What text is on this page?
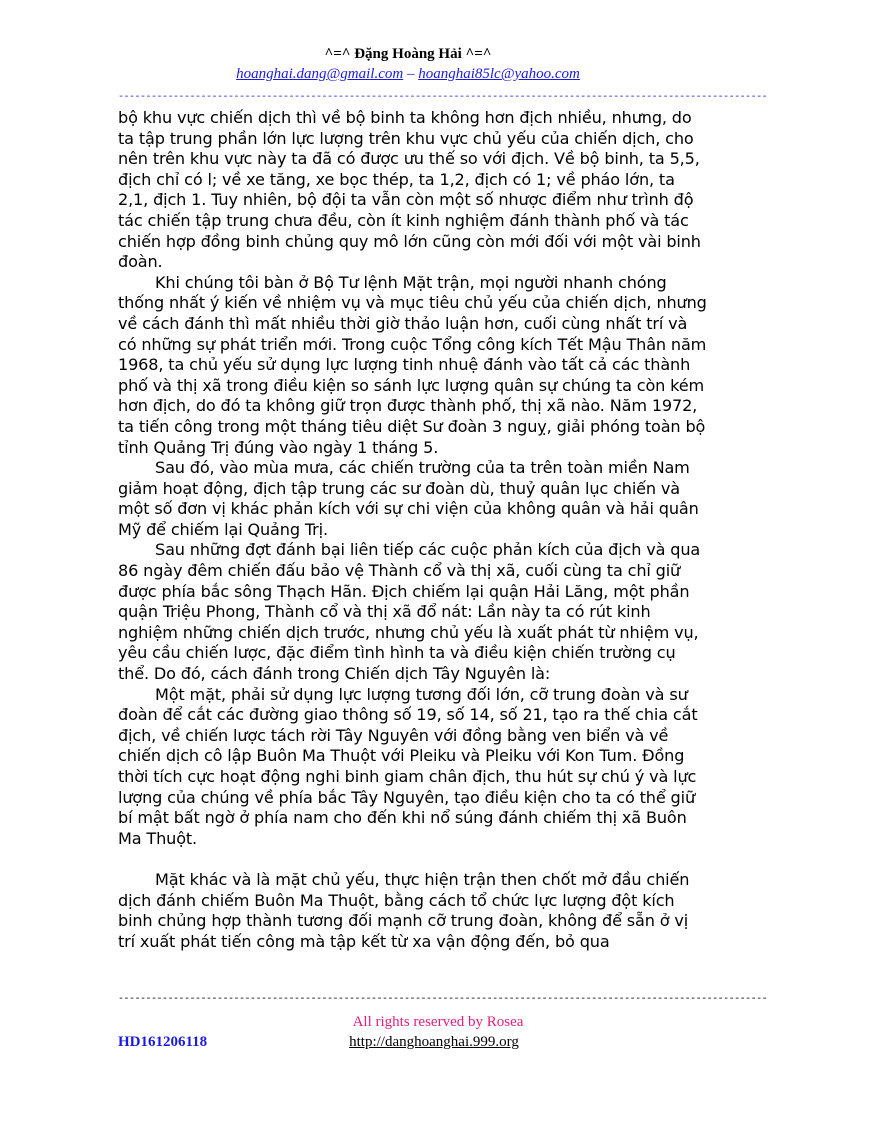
^=^ Đặng Hoàng Hải ^=^
hoanghai.dang@gmail.com – hoanghai85lc@yahoo.com
----------------------------------------------------------------------------------------------------------------------

bộ khu vực chiến dịch thì về bộ binh ta không hơn địch nhiều, nhưng, do ta tập trung phần lớn lực lượng trên khu vực chủ yếu của chiến dịch, cho nên trên khu vực này ta đã có được ưu thế so với địch. Về bộ binh, ta 5,5, địch chỉ có l; về xe tăng, xe bọc thép, ta 1,2, địch có 1; về pháo lớn, ta 2,1, địch 1. Tuy nhiên, bộ đội ta vẫn còn một số nhược điểm như trình độ tác chiến tập trung chưa đều, còn ít kinh nghiệm đánh thành phố và tác chiến hợp đồng binh chủng quy mô lớn cũng còn mới đối với một vài binh đoàn.

Khi chúng tôi bàn ở Bộ Tư lệnh Mặt trận, mọi người nhanh chóng thống nhất ý kiến về nhiệm vụ và mục tiêu chủ yếu của chiến dịch, nhưng về cách đánh thì mất nhiều thời giờ thảo luận hơn, cuối cùng nhất trí và có những sự phát triển mới. Trong cuộc Tổng công kích Tết Mậu Thân năm 1968, ta chủ yếu sử dụng lực lượng tinh nhuệ đánh vào tất cả các thành phố và thị xã trong điều kiện so sánh lực lượng quân sự chúng ta còn kém hơn địch, do đó ta không giữ trọn được thành phố, thị xã nào. Năm 1972, ta tiến công trong một tháng tiêu diệt Sư đoàn 3 nguỵ, giải phóng toàn bộ tỉnh Quảng Trị đúng vào ngày 1 tháng 5.

Sau đó, vào mùa mưa, các chiến trường của ta trên toàn miền Nam giảm hoạt động, địch tập trung các sư đoàn dù, thuỷ quân lục chiến và một số đơn vị khác phản kích với sự chi viện của không quân và hải quân Mỹ để chiếm lại Quảng Trị.

Sau những đợt đánh bại liên tiếp các cuộc phản kích của địch và qua 86 ngày đêm chiến đấu bảo vệ Thành cổ và thị xã, cuối cùng ta chỉ giữ được phía bắc sông Thạch Hãn. Địch chiếm lại quận Hải Lăng, một phần quận Triệu Phong, Thành cổ và thị xã đổ nát: Lần này ta có rút kinh nghiệm những chiến dịch trước, nhưng chủ yếu là xuất phát từ nhiệm vụ, yêu cầu chiến lược, đặc điểm tình hình ta và điều kiện chiến trường cụ thể. Do đó, cách đánh trong Chiến dịch Tây Nguyên là:

Một mặt, phải sử dụng lực lượng tương đối lớn, cỡ trung đoàn và sư đoàn để cắt các đường giao thông số 19, số 14, số 21, tạo ra thế chia cắt địch, về chiến lược tách rời Tây Nguyên với đồng bằng ven biển và về chiến dịch cô lập Buôn Ma Thuột với Pleiku và Pleiku với Kon Tum. Đồng thời tích cực hoạt động nghi binh giam chân địch, thu hút sự chú ý và lực lượng của chúng về phía bắc Tây Nguyên, tạo điều kiện cho ta có thể giữ bí mật bất ngờ ở phía nam cho đến khi nổ súng đánh chiếm thị xã Buôn Ma Thuột.

Mặt khác và là mặt chủ yếu, thực hiện trận then chốt mở đầu chiến dịch đánh chiếm Buôn Ma Thuột, bằng cách tổ chức lực lượng đột kích binh chủng hợp thành tương đối mạnh cỡ trung đoàn, không để sẵn ở vị trí xuất phát tiến công mà tập kết từ xa vận động đến, bỏ qua

----------------------------------------------------------------------------------------------------------------------
All rights reserved by Rosea
HD161206118	http://danghoanghai.999.org
